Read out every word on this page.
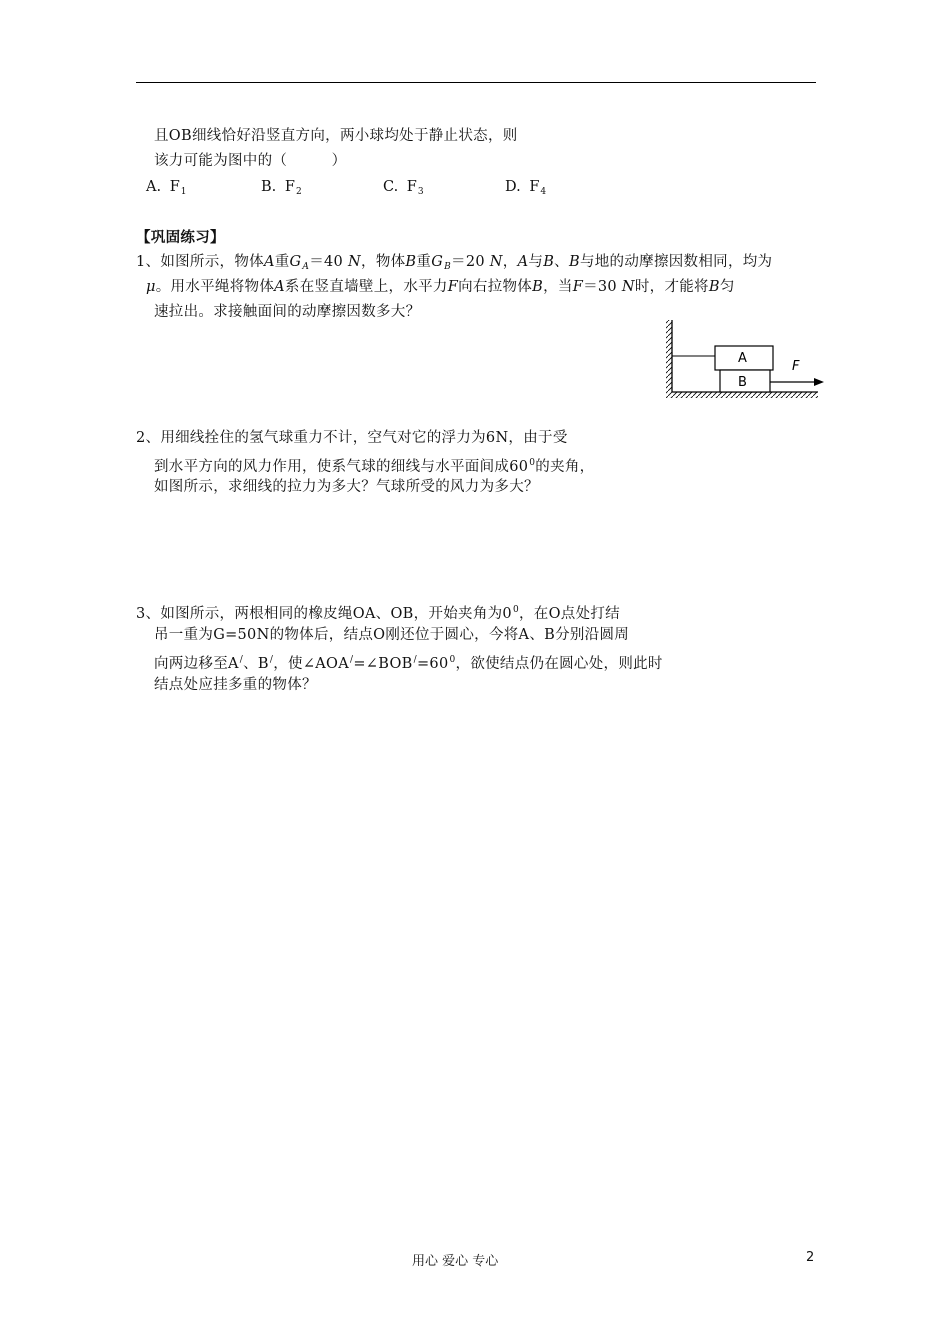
且OB细线恰好沿竖直方向，两小球均处于静止状态，则
该力可能为图中的（　　　）
A. $F_1$	B. $F_2$	C. $F_3$	D. $F_4$
【巩固练习】
1、如图所示，物体A重$G_A=40$ N，物体B重$G_B=20$ N，A与B、B与地的动摩擦因数相同，均为
μ。用水平绳将物体A系在竖直墙壁上，水平力F向右拉物体B，当F＝30 N时，才能将B匀
速拉出。求接触面间的动摩擦因数多大？
A
B
F
2、用细线拴住的氢气球重力不计，空气对它的浮力为6N，由于受
到水平方向的风力作用，使系气球的细线与水平面间成$60^0$的夹角，
如图所示，求细线的拉力为多大？气球所受的风力为多大？
3、如图所示，两根相同的橡皮绳OA、OB，开始夹角为$0^0$，在O点处打结
吊一重为G=50N的物体后，结点O刚还位于圆心，今将A、B分别沿圆周
向两边移至A/、B/，使$\angle AOA^/=\angle BOB^/=60^0$，欲使结点仍在圆心处，则此时
结点处应挂多重的物体？
用心 爱心 专心	2
